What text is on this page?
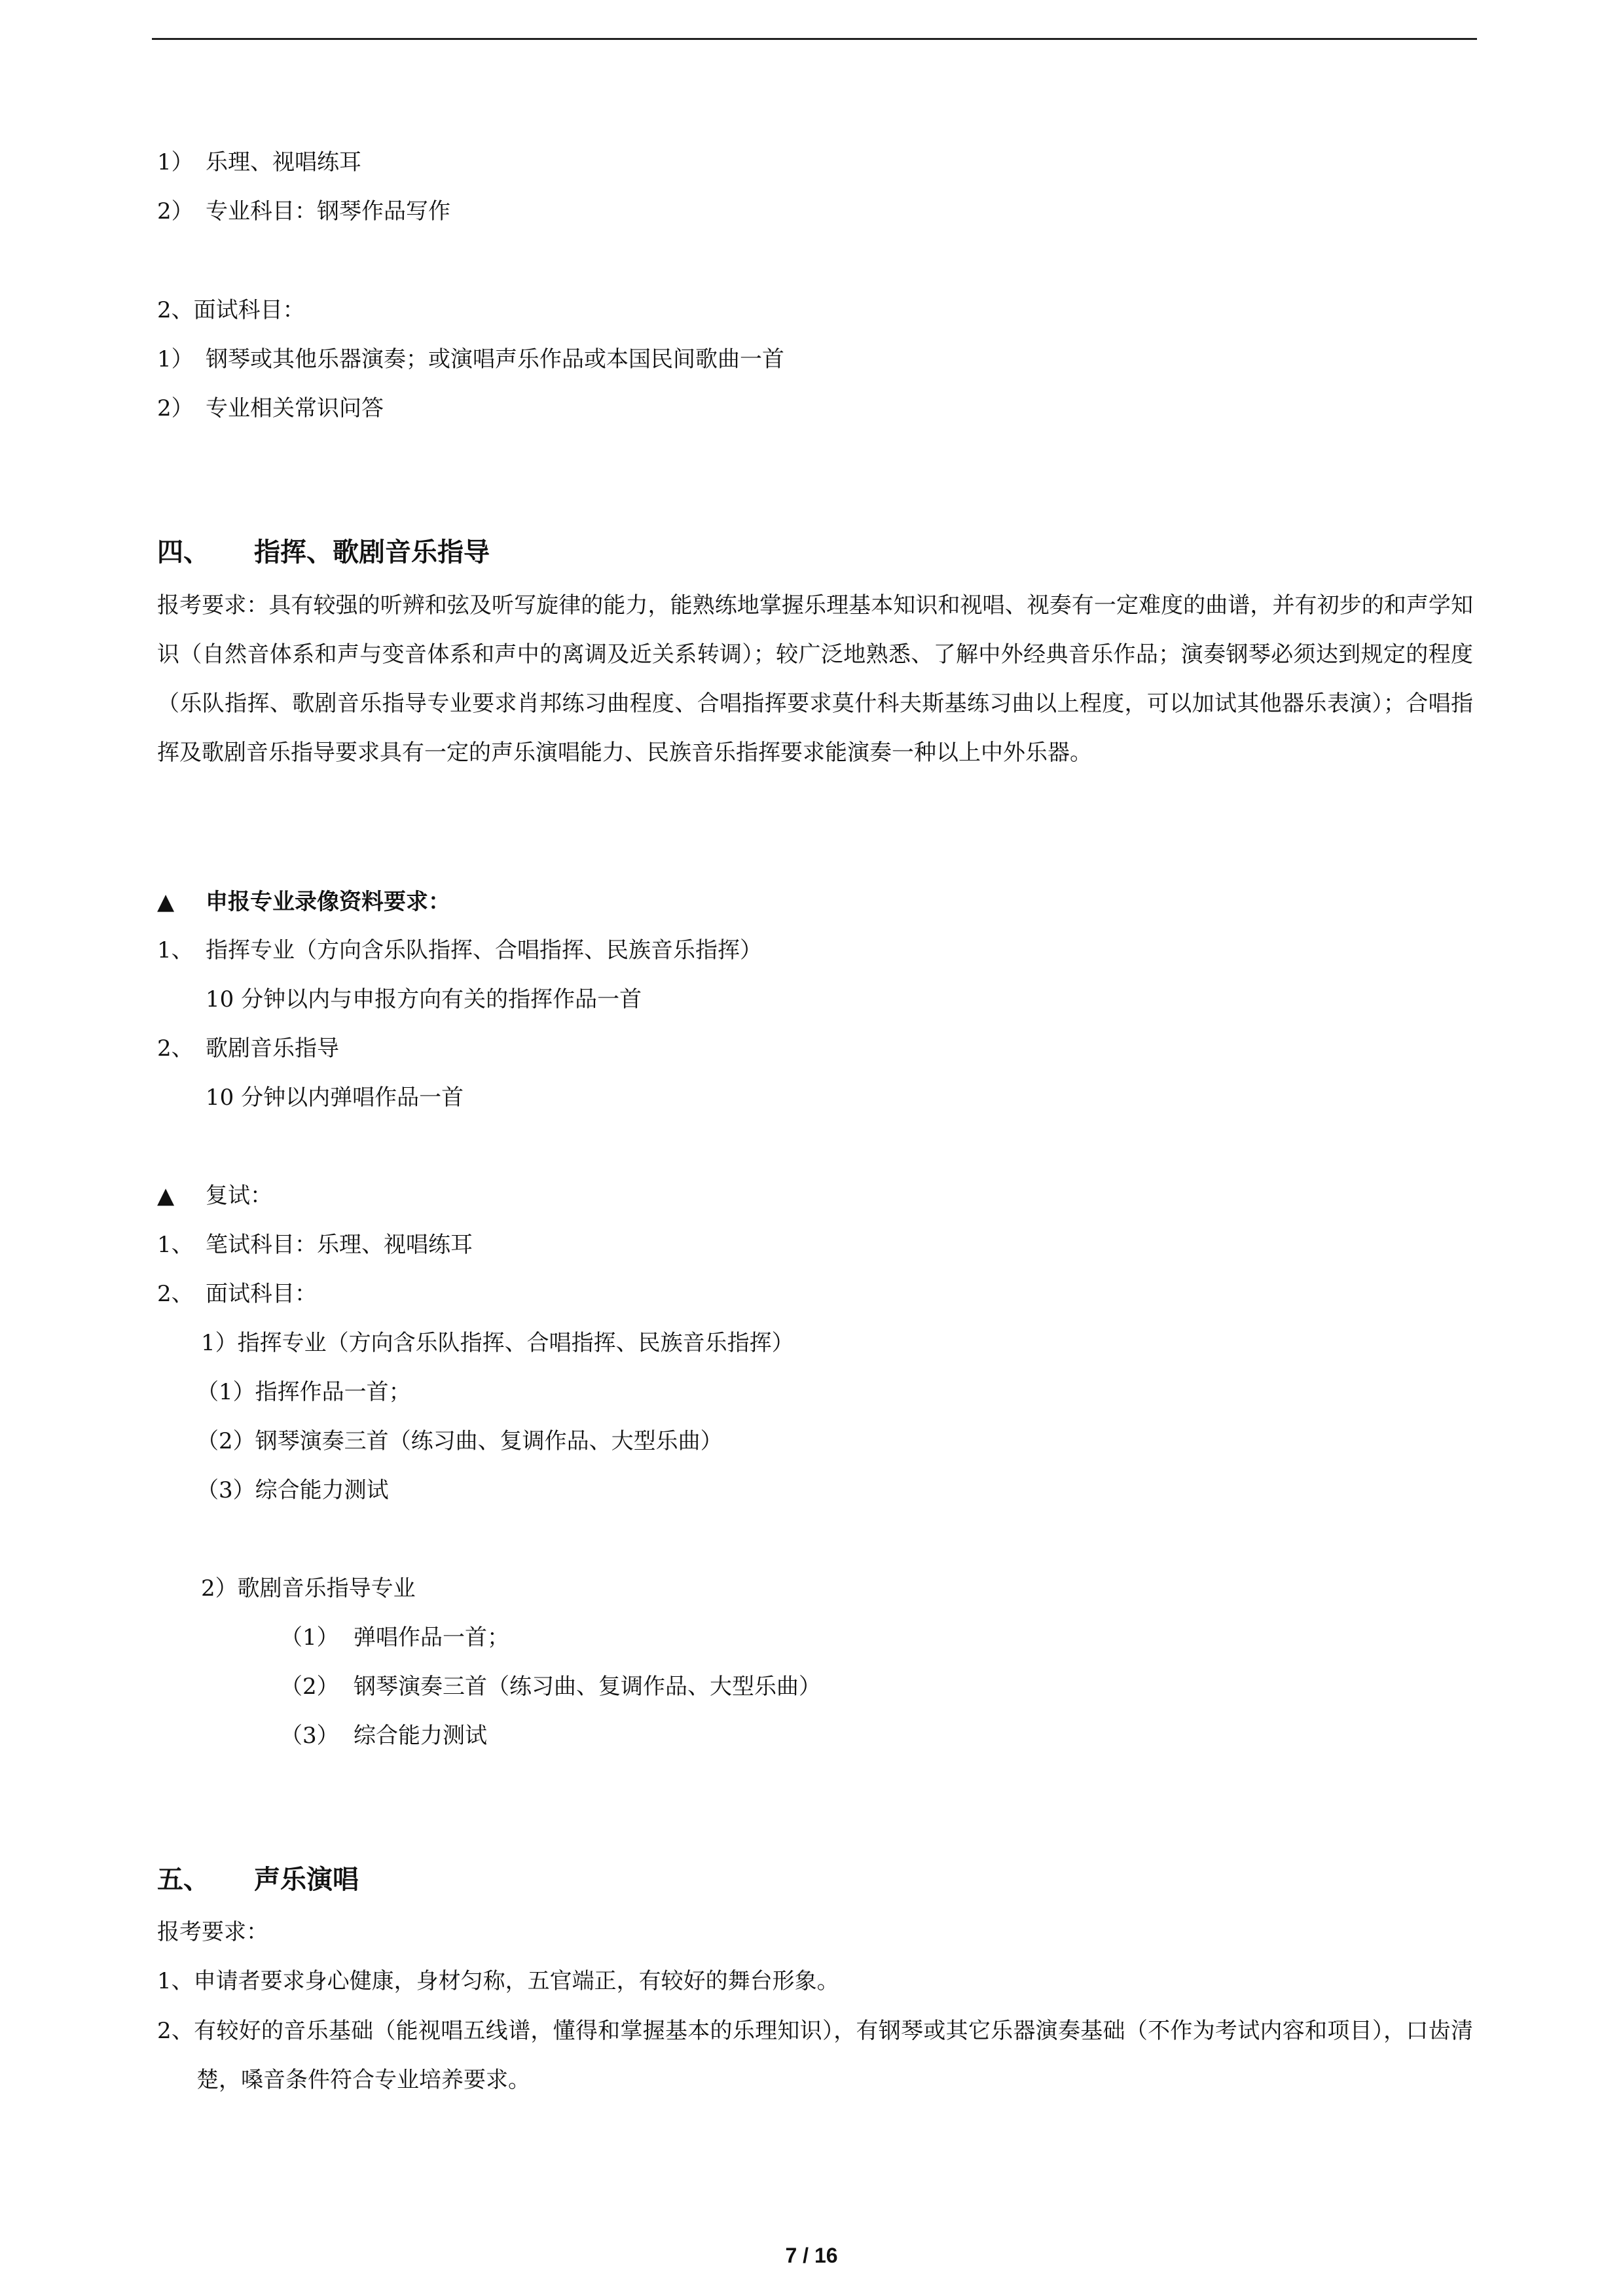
1） 乐理、视唱练耳
2） 专业科目：钢琴作品写作
2、面试科目：
1） 钢琴或其他乐器演奏；或演唱声乐作品或本国民间歌曲一首
2） 专业相关常识问答
四、 指挥、歌剧音乐指导
报考要求：具有较强的听辨和弦及听写旋律的能力，能熟练地掌握乐理基本知识和视唱、视奏有一定难度的曲谱，并有初步的和声学知识（自然音体系和声与变音体系和声中的离调及近关系转调）；较广泛地熟悉、了解中外经典音乐作品；演奏钢琴必须达到规定的程度（乐队指挥、歌剧音乐指导专业要求肖邦练习曲程度、合唱指挥要求莫什科夫斯基练习曲以上程度，可以加试其他器乐表演）；合唱指挥及歌剧音乐指导要求具有一定的声乐演唱能力、民族音乐指挥要求能演奏一种以上中外乐器。
▲ 申报专业录像资料要求：
1、 指挥专业（方向含乐队指挥、合唱指挥、民族音乐指挥）
10 分钟以内与申报方向有关的指挥作品一首
2、 歌剧音乐指导
10 分钟以内弹唱作品一首
▲ 复试：
1、 笔试科目：乐理、视唱练耳
2、 面试科目：
1）指挥专业（方向含乐队指挥、合唱指挥、民族音乐指挥）
（1）指挥作品一首；
（2）钢琴演奏三首（练习曲、复调作品、大型乐曲）
（3）综合能力测试
2）歌剧音乐指导专业
（1） 弹唱作品一首；
（2） 钢琴演奏三首（练习曲、复调作品、大型乐曲）
（3） 综合能力测试
五、 声乐演唱
报考要求：
1、申请者要求身心健康，身材匀称，五官端正，有较好的舞台形象。
2、有较好的音乐基础（能视唱五线谱，懂得和掌握基本的乐理知识），有钢琴或其它乐器演奏基础（不作为考试内容和项目），口齿清楚，嗓音条件符合专业培养要求。
7 / 16
